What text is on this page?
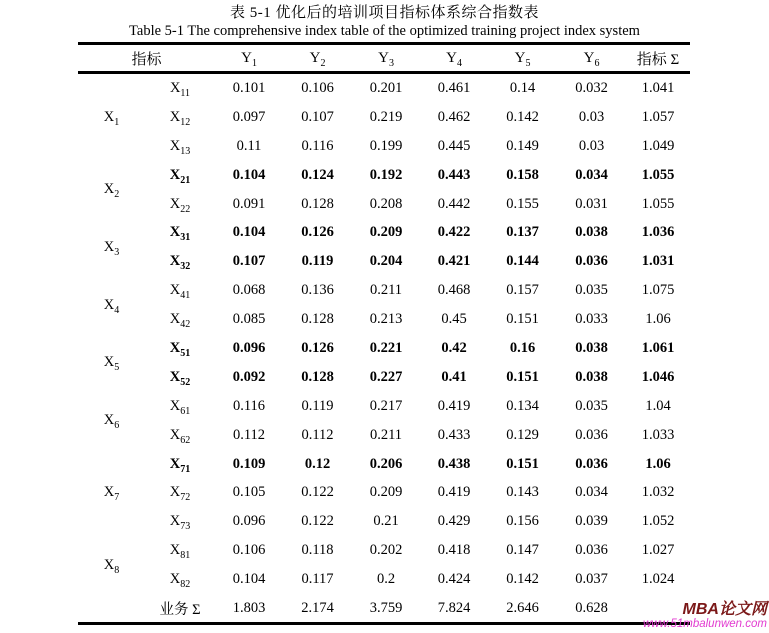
表 5-1 优化后的培训项目指标体系综合指数表
Table 5-1 The comprehensive index table of the optimized training project index system
指标		$Y_1$	$Y_2$	$Y_3$	$Y_4$	$Y_5$	$Y_6$	指标 Σ
$X_1$	$X_{11}$	0.101	0.106	0.201	0.461	0.14	0.032	1.041
	$X_{12}$	0.097	0.107	0.219	0.462	0.142	0.03	1.057
	$X_{13}$	0.11	0.116	0.199	0.445	0.149	0.03	1.049
$X_2$	$X_{21}$	0.104	0.124	0.192	0.443	0.158	0.034	1.055
	$X_{22}$	0.091	0.128	0.208	0.442	0.155	0.031	1.055
$X_3$	$X_{31}$	0.104	0.126	0.209	0.422	0.137	0.038	1.036
	$X_{32}$	0.107	0.119	0.204	0.421	0.144	0.036	1.031
$X_4$	$X_{41}$	0.068	0.136	0.211	0.468	0.157	0.035	1.075
	$X_{42}$	0.085	0.128	0.213	0.45	0.151	0.033	1.06
$X_5$	$X_{51}$	0.096	0.126	0.221	0.42	0.16	0.038	1.061
	$X_{52}$	0.092	0.128	0.227	0.41	0.151	0.038	1.046
$X_6$	$X_{61}$	0.116	0.119	0.217	0.419	0.134	0.035	1.04
	$X_{62}$	0.112	0.112	0.211	0.433	0.129	0.036	1.033
$X_7$	$X_{71}$	0.109	0.12	0.206	0.438	0.151	0.036	1.06
	$X_{72}$	0.105	0.122	0.209	0.419	0.143	0.034	1.032
	$X_{73}$	0.096	0.122	0.21	0.429	0.156	0.039	1.052
$X_8$	$X_{81}$	0.106	0.118	0.202	0.418	0.147	0.036	1.027
	$X_{82}$	0.104	0.117	0.2	0.424	0.142	0.037	1.024
	业务 Σ	1.803	2.174	3.759	7.824	2.646	0.628		MBA论文网
www.51mbalunwen.com
